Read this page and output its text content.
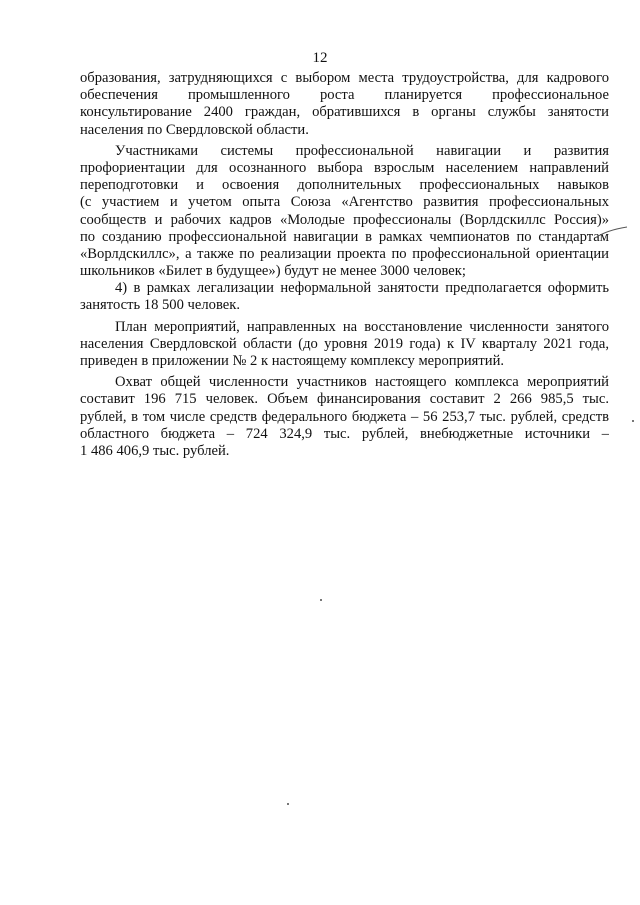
12
образования, затрудняющихся с выбором места трудоустройства, для кадрового
обеспечения промышленного роста планируется профессиональное
консультирование 2400 граждан, обратившихся в органы службы занятости
населения по Свердловской области.
Участниками системы профессиональной навигации и развития
профориентации для осознанного выбора взрослым населением направлений
переподготовки и освоения дополнительных профессиональных навыков
(с участием и учетом опыта Союза «Агентство развития профессиональных
сообществ и рабочих кадров «Молодые профессионалы (Ворлдскиллс Россия)»
по созданию профессиональной навигации в рамках чемпионатов по стандартам
«Ворлдскиллс», а также по реализации проекта по профессиональной ориентации
школьников «Билет в будущее») будут не менее 3000 человек;
4) в рамках легализации неформальной занятости предполагается оформить
занятость 18 500 человек.
План мероприятий, направленных на восстановление численности занятого
населения Свердловской области (до уровня 2019 года) к IV кварталу 2021 года,
приведен в приложении № 2 к настоящему комплексу мероприятий.
Охват общей численности участников настоящего комплекса мероприятий
составит 196 715 человек. Объем финансирования составит 2 266 985,5 тыс.
рублей, в том числе средств федерального бюджета – 56 253,7 тыс. рублей, средств
областного бюджета – 724 324,9 тыс. рублей, внебюджетные источники –
1 486 406,9 тыс. рублей.
